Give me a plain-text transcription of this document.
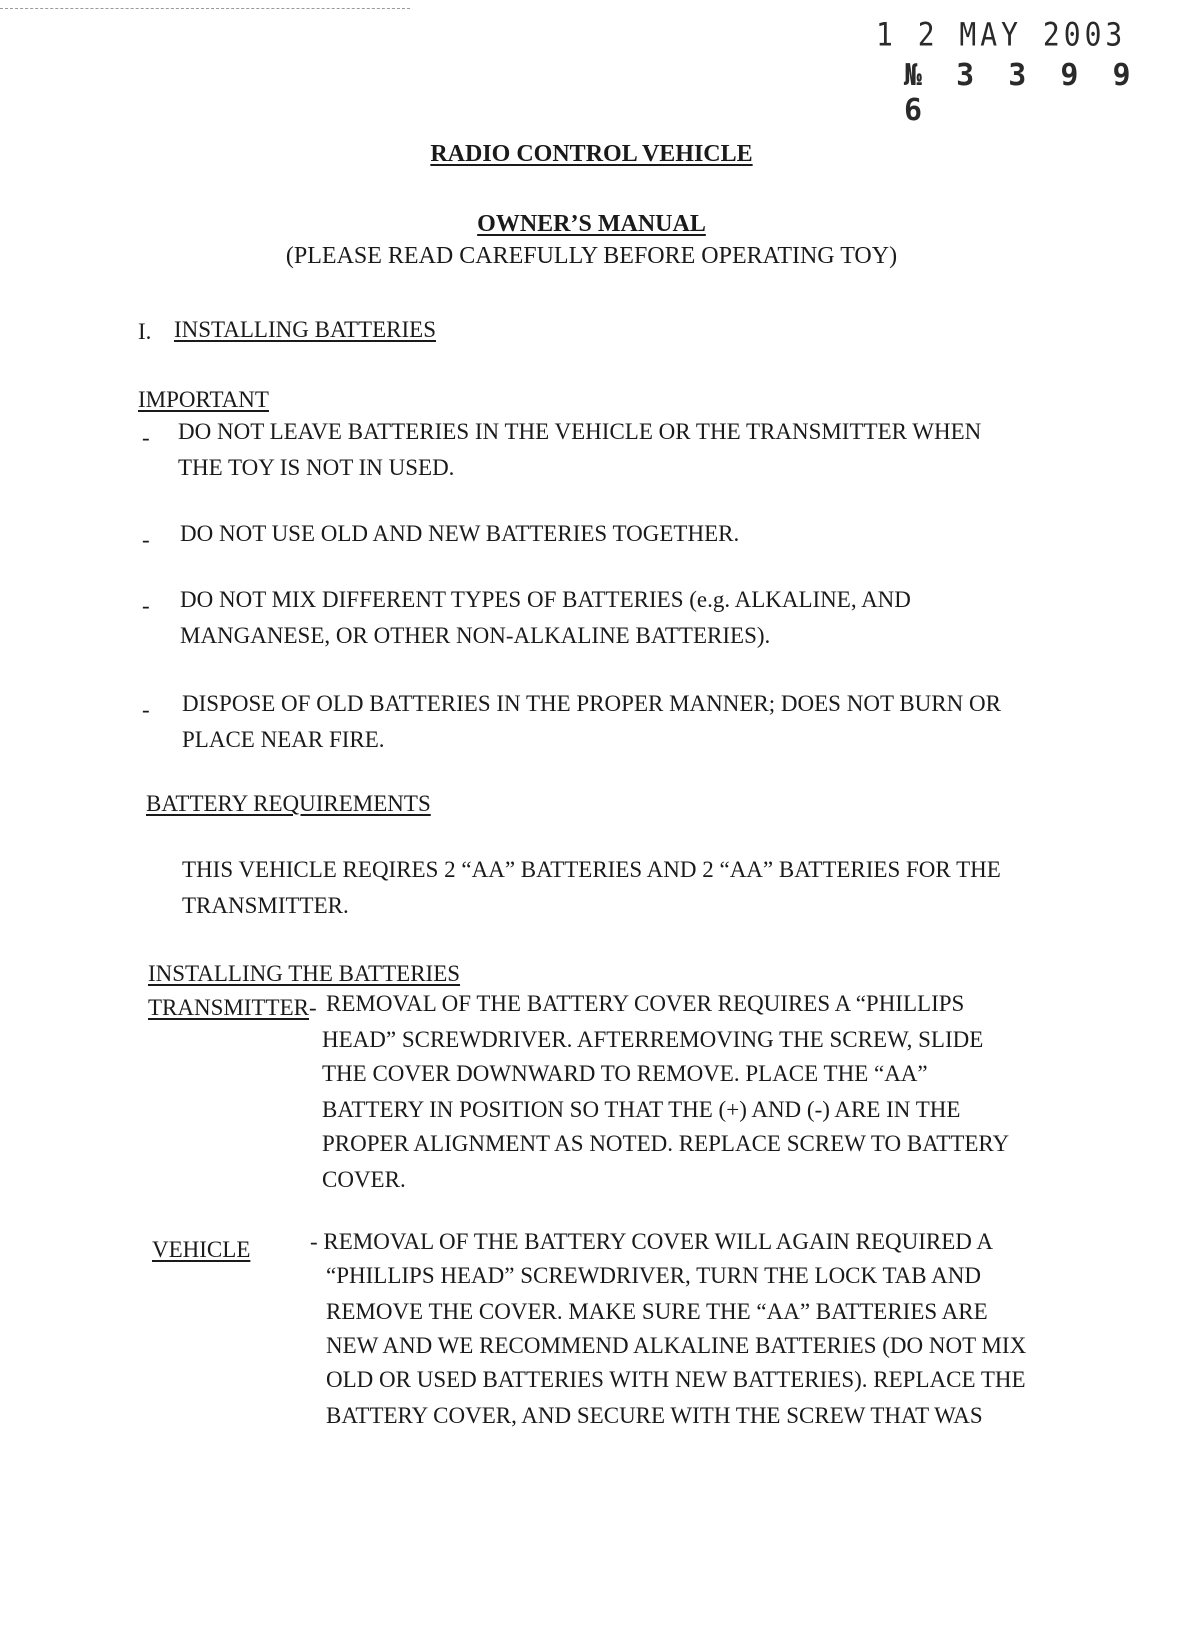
1 2 MAY 2003
№ 3 3 9 9 6
RADIO CONTROL VEHICLE
OWNER’S MANUAL
(PLEASE READ CAREFULLY BEFORE OPERATING TOY)
I. INSTALLING BATTERIES
IMPORTANT
- DO NOT LEAVE BATTERIES IN THE VEHICLE OR THE TRANSMITTER WHEN
THE TOY IS NOT IN USED.
- DO NOT USE OLD AND NEW BATTERIES TOGETHER.
- DO NOT MIX DIFFERENT TYPES OF BATTERIES (e.g. ALKALINE, AND
MANGANESE, OR OTHER NON-ALKALINE BATTERIES).
- DISPOSE OF OLD BATTERIES IN THE PROPER MANNER; DOES NOT BURN OR
PLACE NEAR FIRE.
BATTERY REQUIREMENTS
THIS VEHICLE REQIRES 2 “AA” BATTERIES AND 2 “AA” BATTERIES FOR THE
TRANSMITTER.
INSTALLING THE BATTERIES
TRANSMITTER- REMOVAL OF THE BATTERY COVER REQUIRES A “PHILLIPS
HEAD” SCREWDRIVER. AFTERREMOVING THE SCREW, SLIDE
THE COVER DOWNWARD TO REMOVE. PLACE THE “AA”
BATTERY IN POSITION SO THAT THE (+) AND (-) ARE IN THE
PROPER ALIGNMENT AS NOTED. REPLACE SCREW TO BATTERY
COVER.
VEHICLE	- REMOVAL OF THE BATTERY COVER WILL AGAIN REQUIRED A
“PHILLIPS HEAD” SCREWDRIVER, TURN THE LOCK TAB AND
REMOVE THE COVER. MAKE SURE THE “AA” BATTERIES ARE
NEW AND WE RECOMMEND ALKALINE BATTERIES (DO NOT MIX
OLD OR USED BATTERIES WITH NEW BATTERIES). REPLACE THE
BATTERY COVER, AND SECURE WITH THE SCREW THAT WAS
